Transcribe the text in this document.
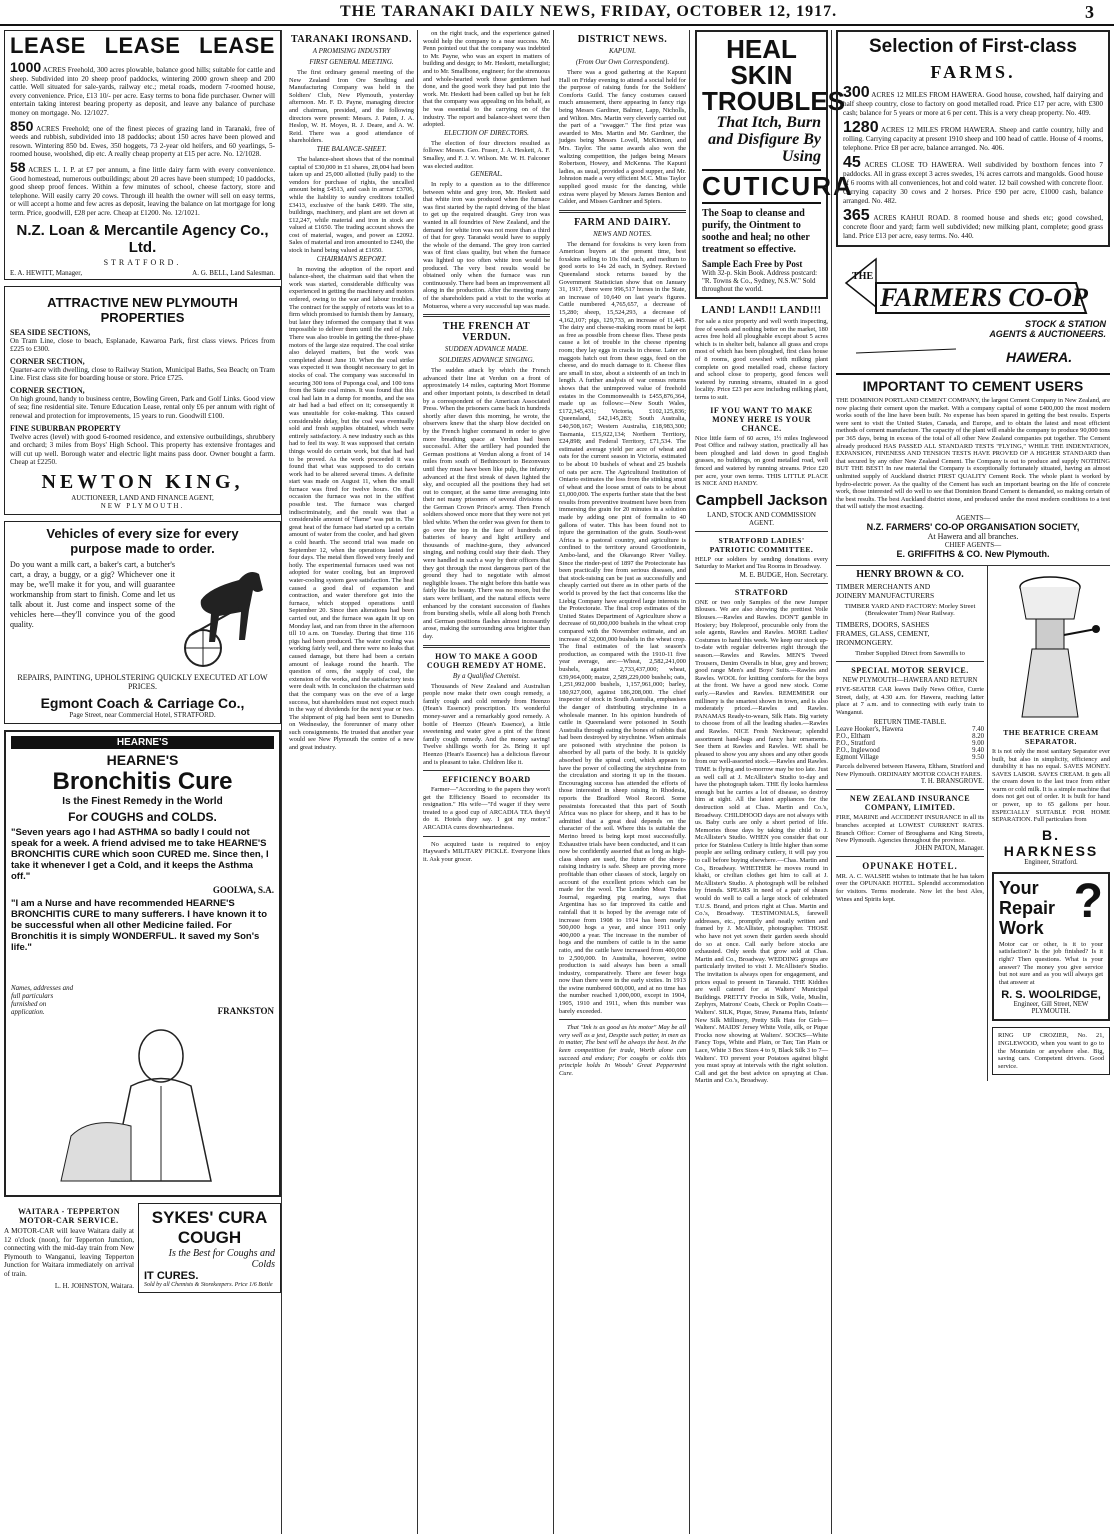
THE TARANAKI DAILY NEWS, FRIDAY, OCTOBER 12, 1917.	3
LEASE LEASE LEASE
1000 ACRES Freehold, 300 acres plowable, balance good hills; suitable for cattle and sheep. Subdivided into 20 sheep proof paddocks, wintering 2000 grown sheep and 200 cattle. Well situated for sale-yards, railway etc.; metal roads, modern 7-roomed house, every convenience. Price, £13 10/- per acre. Easy terms to bona fide purchaser. Owner will entertain taking interest bearing property as deposit, and leave any balance of purchase money on mortgage. No. 12/1027.
850 ACRES Freehold; one of the finest pieces of grazing land in Taranaki, free of weeds and rubbish, subdivided into 18 paddocks; about 150 acres have been plowed and resown. Wintering 850 bd. Ewes, 350 hoggets, 73 2-year old heifers, and 60 yearlings, 5-roomed house, woolshed, dip etc. A really cheap property at £15 per acre. No. 12/1028.
58 ACRES L. I. P. at £7 per annum, a fine little dairy farm with every convenience. Good homestead, numerous outbuildings; about 20 acres have been stumped; 10 paddocks, good sheep proof fences. Within a few minutes of school, cheese factory, store and telephone. Will easily carry 20 cows. Through ill health the owner will sell on easy terms, or will accept a home and few acres as deposit, leaving the balance on lat mortgage for long term. Price, goodwill, £28 per acre. Cheap at £1200. No. 12/1021.
N.Z. Loan & Mercantile Agency Co., Ltd.
STRATFORD.
E. A. HEWITT, Manager,	A. G. BELL, Land Salesman.
ATTRACTIVE NEW PLYMOUTH PROPERTIES
SEA SIDE SECTIONS,
On Tram Line, close to beach, Esplanade, Kawaroa Park, first class views. Prices from £225 to £300.
CORNER SECTION,
Quarter-acre with dwelling, close to Railway Station, Municipal Baths, Sea Beach; on Tram Line. First class site for boarding house or store. Price £725.
CORNER SECTION,
On high ground, handy to business centre, Bowling Green, Park and Golf Links. Good view of sea; fine residential site. Tenure Education Lease, rental only £6 per annum with right of renewal and protection for improvements, 15 years to run. Goodwill £100.
FINE SUBURBAN PROPERTY
Twelve acres (level) with good 6-roomed residence, and extensive outbuildings, shrubbery and orchard; 3 miles from Boys' High School. This property has extensive frontages and will cut up well. Borough water and electric light mains pass door. Owner bought a farm. Cheap at £2250.
NEWTON KING,
AUCTIONEER, LAND AND FINANCE AGENT,
NEW PLYMOUTH.
Vehicles of every size for every
purpose made to order.
Do you want a milk cart, a baker's cart, a butcher's cart, a dray, a buggy, or a gig? Whichever one it may be, we'll make it for you, and will guarantee workmanship from start to finish. Come and let us talk about it. Just come and inspect some of the vehicles here—they'll convince you of the good quality.
REPAIRS, PAINTING, UPHOLSTERING QUICKLY EXECUTED AT LOW PRICES.
Egmont Coach & Carriage Co.,
Page Street, near Commercial Hotel, STRATFORD.
HEARNE'S
HEARNE'S
Bronchitis Cure
Is the Finest Remedy in the World
For COUGHS and COLDS.
"Seven years ago I had ASTHMA so badly I could not speak for a week. A friend advised me to take HEARNE'S BRONCHITIS CURE which soon CURED me. Since then, I take it whenever I get a Cold, and it keeps the Asthma off."
GOOLWA, S.A.
"I am a Nurse and have recommended HEARNE'S BRONCHITIS CURE to many sufferers. I have known it to be successful when all other Medicine failed. For Bronchitis it is simply WONDERFUL. It saved my Son's life."
Names, addresses and full particulars furnished on application.	FRANKSTON
WAITARA - TEPPERTON MOTOR-CAR SERVICE.
A MOTOR-CAR will leave Waitara daily at 12 o'clock (noon), for Tepperton Junction, connecting with the mid-day train from New Plymouth to Wanganui, leaving Tepperton Junction for Waitara immediately on arrival of train.
L. H. JOHNSTON, Waitara.
SYKES' CURA COUGH
Is the Best for Coughs and Colds
IT CURES.
Sold by all Chemists & Storekeepers. Price 1/6 Bottle
TARANAKI IRONSAND.
A PROMISING INDUSTRY
FIRST GENERAL MEETING.

The first ordinary general meeting of the New Zealand Iron Ore Smelting and Manufacturing Company was held in the Soldiers' Club, New Plymouth, yesterday afternoon. Mr. F. D. Payne, managing director and chairman, presided, and the following directors were present: Messrs. J. Paten, J. A. Heslop, W. H. Moyes, R. J. Deare, and A. W. Reid. There was a good attendance of shareholders.

THE BALANCE-SHEET.

The balance-sheet shows that of the nominal capital of £30,000 in £1 shares, 28,004 had been taken up and 25,000 allotted (fully paid) to the vendors for purchase of rights, the uncalled amount being £4513, and cash in arrear £3706, while the liability to sundry creditors totalled £3413, exclusive of the bank £499. The site, buildings, machinery, and plant are set down at £12,247, while material and iron in stock are valued at £1650. The trading account shows the cost of material, wages, and power as £2092. Sales of material and iron amounted to £240, the stock in hand being valued at £1650.

CHAIRMAN'S REPORT.

In moving the adoption of the report and balance-sheet, the chairman said that when the work was started, considerable difficulty was experienced in getting the machinery and motors ordered, owing to the war and labour troubles. The contract for the supply of retorts was let to a firm which promised to furnish them by January, but later they informed the company that it was impossible to deliver them until the end of July. There was also trouble in getting the three-phase motors of the large size required. The coal strike also delayed matters, but the work was completed about June 10. When the coal strike was expected it was thought necessary to get in stocks of coal. The company was successful in securing 300 tons of Puponga coal, and 100 tons from the State coal mines. It was found that this coal had lain in a dump for months, and the sea air had had a bad effect on it; consequently it was unsuitable for coke-making. This caused considerable delay, but the coal was eventually sold and fresh supplies obtained, which were entirely satisfactory. A new industry such as this had to feel its way. It was supposed that certain things would do certain work, but that had had to be proved. As the work proceeded it was found that what was supposed to do certain work had to be altered several times. A definite start was made on August 11, when the small furnace was fired for twelve hours. On that occasion the furnace was not in the stiffest possible test. The furnace was charged indiscriminately, and the result was that a considerable amount of "flame" was put in. The great heat of the furnace had started up a certain amount of water from the cooler, and had given a cold hearth. The second trial was made on September 12, when the operations lasted for four days. The metal then flowed very freely and hotly. The experimental furnaces used was not adopted for water cooling, but an improved water-cooling system gave satisfaction. The heat caused a good deal of expansion and contraction, and water therefore got into the furnace, which stopped operations until September 20. Since then alterations had been carried out, and the furnace was again lit up on Monday last, and ran from three in the afternoon till 10 a.m. on Tuesday. During that time 116 pigs had been produced. The water cooling was working fairly well, and there were no leaks that caused damage, but there had been a certain amount of leakage round the hearth. The question of ores, the supply of coal, the extension of the works, and the satisfactory tests were dealt with. In conclusion the chairman said that the company was on the eve of a large success, but shareholders must not expect much in the way of dividends for the next year or two. The shipment of pig had been sent to Dunedin on Wednesday, the forerunner of many other such consignments. He trusted that another year would see New Plymouth the centre of a new and great industry.

on the right track, and the experience gained would help the company to a near success. Mr. Penn pointed out that the company was indebted to Mr. Payne, who was an expert in matters of building and design; to Mr. Heskett, metallurgist; and to Mr. Smallbone, engineer; for the strenuous and whole-hearted work those gentlemen had done, and the good work they had put into the work. Mr. Heskett had been called up but he felt that the company was appealing on his behalf, as he was essential to the carrying on of the industry. The report and balance-sheet were then adopted.

ELECTION OF DIRECTORS.

The election of four directors resulted as follows: Messrs. Geo. Fraser, J. A. Heskett, A. F. Smalley, and F. J. V. Wilson. Mr. W. H. Falconer was elected auditor.

GENERAL.

In reply to a question as to the difference between white and grey iron, Mr. Heskett said that white iron was produced when the furnace was first started by the rapid driving of the blast to get up the required draught. Grey iron was wanted in all foundries of New Zealand, and the demand for white iron was not more than a third of that for grey. Taranaki would have to supply the whole of the demand. The grey iron carried was of first class quality, but when the furnace was lighted up too often white iron would be produced. The very best results would be obtained only when the furnace was run continuously. There had been an improvement all along in the production. After the meeting many of the shareholders paid a visit to the works at Motueroa, where a very successful tap was made.

THE FRENCH AT VERDUN.
SUDDEN ADVANCE MADE.
SOLDIERS ADVANCE SINGING.

The sudden attack by which the French advanced their line at Verdun on a front of approximately 14 miles, capturing Mort Homme and other important points, is described in detail by a correspondent of the American Associated Press. When the prisoners came back in hundreds shortly after dawn this morning, he wrote, the observers knew that the sharp blow decided on by the French higher command in order to give more breathing space at Verdun had been successful. After the artillery had pounded the German positions at Verdun along a front of 14 miles from south of Bethincourt to Bezonvaux until they must have been like pulp, the infantry advanced at the first streak of dawn lighted the sky, and occupied all the positions they had set out to conquer, at the same time averaging into their net many prisoners of several divisions of the German Crown Prince's army. Then French soldiers showed once more that they were not yet bled white. When the order was given for them to go over the top in the face of hundreds of batteries of heavy and light artillery and thousands of machine-guns, they advanced singing, and nothing could stay their dash. They were handled in such a way by their officers that they got through the most dangerous part of the ground they had to negotiate with almost negligible losses. The night before this battle was fairly like its beauty. There was no moon, but the stars were brilliant, and the natural effects were enhanced by the constant succession of flashes from bursting shells, while all along both French and German positions flashes almost incessantly arose, making the surrounding area brighter than day.

HOW TO MAKE A GOOD COUGH REMEDY AT HOME.
By a Qualified Chemist.

Thousands of New Zealand and Australian people now make their own cough remedy, a family cough and cold remedy from Heenzo (Hean's Essence) prescription. It's wonderful money-saver and a remarkably good remedy. A bottle of Heenzo (Hean's Essence), a little sweetening and water give a pint of the finest family cough remedy. And the money saving! Twelve shillings worth for 2s. Bring it up! Heenzo (Hean's Essence) has a delicious flavour and is pleasant to take. Children like it.

EFFICIENCY BOARD

Farmer—"According to the papers they won't get the Efficiency Board to reconsider its resignation." His wife—"I'd wager if they were treated to a good cup of ARCADIA TEA they'd do it. Hotels they say. I got my motor." ARCADIA cures downheartedness.

No acquired taste is required to enjoy Hayward's MILITARY PICKLE. Everyone likes it. Ask your grocer.

DISTRICT NEWS.
KAPUNI.
(From Our Own Correspondent).

There was a good gathering at the Kapuni Hall on Friday evening to attend a social held for the purpose of raising funds for the Soldiers' Comforts Guild. The fancy costumes caused much amusement, there appearing in fancy rigs being Messrs Gardiner, Balmer, Lapp, Nicholls, and Wilton. Mrs. Martin very cleverly carried out the part of a "swagger." The first prize was awarded to Mrs. Martin and Mr. Gardiner, the judges being Messrs Lovell, McKinnon, and Mrs. Taylor. The same awards also won the waltzing competition, the judges being Messrs Robertson, Howey, and McKenna. The Kapuni ladies, as usual, provided a good supper, and Mr. Johnston made a very efficient M.C. Miss Taylor supplied good music for the dancing, while extras were played by Messrs James Benton and Calder, and Misses Gardiner and Spiers.

FARM AND DAIRY.
NEWS AND NOTES.

The demand for foxskins is very keen from American buyers at the present time, best foxskins selling to 10s 10d each, and medium to good sorts to 14s 2d each, in Sydney. Revised Queensland stock returns issued by the Government Statistician show that on January 31, 1917, there were 996,517 horses in the State, an increase of 10,640 on last year's figures. Cattle numbered 4,765,657, a decrease of 15,280; sheep, 15,524,293, a decrease of 4,162,107; pigs, 129,733, an increase of 11,445. The dairy and cheese-making room must be kept as free as possible from cheese flies. These pests cause a lot of trouble in the cheese ripening room; they lay eggs in cracks in cheese. Later on maggots hatch out from these eggs, feed on the cheese, and do much damage to it. Cheese flies are small in size, about a sixteenth of an inch in length. A further analysis of war census returns shows that the unimproved value of freehold estates in the Commonwealth is £455,876,364, made up as follows:—New South Wales, £172,345,431; Victoria, £102,125,836; Queensland, £42,145,283; South Australia, £40,508,167; Western Australia, £18,983,300; Tasmania, £15,922,134; Northern Territory, £24,898; and Federal Territory, £71,534. The estimated average yield per acre of wheat and oats for the current season in Victoria, estimated to be about 10 bushels of wheat and 25 bushels of oats per acre. The Agricultural Institution of Ontario estimates the loss from the stinking smut of wheat and the loose smut of oats to be about £1,000,000. The experts further state that the best results from preventive treatment have been from immersing the grain for 20 minutes in a solution made by adding one pint of formalin to 40 gallons of water. This has been found not to injure the germination of the grain. South-west Africa is a pastoral country, and agriculture is confined to the territory around Grootfontein, Ambo-land, and the Okavango River Valley. Since the rinder-pest of 1897 the Protectorate has been practically free from serious diseases, and that stock-raising can be just as successfully and cheaply carried out there as in other parts of the world is proved by the fact that concerns like the Liebig Company have acquired large interests in the Protectorate. The final crop estimates of the United States Department of Agriculture show a decrease of 60,000,000 bushels in the wheat crop compared with the November estimate, and an increase of 32,000,000 bushels in the wheat crop. The final estimates of the last season's production, as compared with the 1910-11 five year average, are:—Wheat, 2,582,241,000 bushels, against 2,733,437,000; wheat, 639,964,000; maize, 2,589,229,000 bushels; oats, 1,251,992,000 bushels, 1,157,961,000; barley, 180,927,000, against 186,208,000. The chief inspector of stock in South Australia, emphasises the danger of distributing strychnine in a wholesale manner. In his opinion hundreds of cattle in Queensland were poisoned in South Australia through eating the bones of rabbits that had been destroyed by strychnine. When animals are poisoned with strychnine the poison is absorbed by all parts of the body. It is quickly absorbed by the spinal cord, which appears to have the power of collecting the strychnine from the circulation and storing it up in the tissues. Encouraging success has attended the efforts of those interested in sheep raising in Rhodesia, reports the Bradford Wool Record. Some pessimists forecasted that this part of South Africa was no place for sheep, and it has to be admitted that a great deal depends on the character of the soil. Where this is suitable the Merino breed is being kept most successfully. Exhaustive trials have been conducted, and it can now be confidently asserted that as long as high-class sheep are used, the future of the sheep-raising industry is safe. Sheep are proving more profitable than other classes of stock, largely on account of the excellent prices which can be made for the wool. The London Meat Trades Journal, regarding pig rearing, says that Argentina has so far improved its cattle and rainfall that it is hoped by the average rate of increase from 1908 to 1914 has been nearly 500,000 hogs a year, and since 1911 only 400,000 a year. The increase in the number of hogs and the numbers of cattle is in the same ratio, and the cattle have increased from 400,000 to 2,500,000. In Australia, however, swine production is said always has been a small industry, comparatively. There are fewer hogs now than there were in the early sixties. In 1913 the swine numbered 600,000, and at no time has the number reached 1,000,000, except in 1904, 1905, 1910 and 1911, when this number was barely exceeded.

That "Ink is as good as his motor" May be all very well as a jest, Despite such patter, in men as in matter, The best will be always the best. In the keen competition for trade, Worth alone can succeed and endure; For coughs or colds this principle holds In Woods' Great Peppermint Cure.

HEAL SKIN
TROUBLES
That Itch, Burn and Disfigure By Using
CUTICURA
The Soap to cleanse and purify, the Ointment to soothe and heal; no other treatment so effective.
Sample Each Free by Post
With 32-p. Skin Book. Address postcard: "R. Towns & Co., Sydney, N.S.W." Sold throughout the world.
LAND! LAND!! LAND!!!

For sale a nice property and well worth inspecting, free of weeds and nothing better on the market, 180 acres free hold all ploughable except about 5 acres which is in shelter belt, balance all grass and crops most of which has been ploughed, first class house of 8 rooms, good cowshed with milking plant complete on good metalled road, cheese factory and school close to property, good fences well watered by running streams, situated in a good locality. Price £23 per acre including milking plant, terms to suit.

IF YOU WANT TO MAKE MONEY HERE IS YOUR CHANCE.

Nice little farm of 60 acres, 1½ miles Inglewood Post Office and railway station, practically all has been ploughed and laid down in good English grasses, no buildings, on good metalled road, well fenced and watered by running streams. Price £20 per acre, your own terms. THIS LITTLE PLACE IS NICE AND HANDY.

Campbell Jackson
LAND, STOCK AND COMMISSION AGENT.
STRATFORD LADIES' PATRIOTIC COMMITTEE.

HELP our soldiers by sending donations every Saturday to Market and Tea Rooms in Broadway.

M. E. BUDGE, Hon. Secretary.
STRATFORD

ONE or two only Samples of the new Jumper Blouses. We are also showing the prettiest Voile Blouses.—Rawles and Rawles. DON'T gamble in Hosiery; buy Holeproof, procurable only from the sole agents, Rawles and Rawles. MORE Ladies' Costumes to hand this week. We keep our stock up-to-date with regular deliveries right through the season.—Rawles and Rawles. MEN'S Tweed Trousers, Denim Overalls in blue, grey and brown; good range Men's and Boys' Suits.—Rawles and Rawles. WOOL for knitting comforts for the boys at the front. We have a good new stock. Come early.—Rawles and Rawles. REMEMBER our millinery is the smartest shown in town, and is also moderately priced.—Rawles and Rawles. PANAMAS Ready-to-wears, Silk Hats. Big variety to choose from of all the leading shades.—Rawles and Rawles. NICE Fresh Necktwear; splendid assortment hand-bags and fancy hair ornaments. See them at Rawles and Rawles. WE shall be pleased to show you any shoes and any other goods from our well-assorted stock.—Rawles and Rawles. TIME is flying and to-morrow may be too late. Just as well call at J. McAllister's Studio to-day and have the photograph taken. THE fly looks harmless enough but he carries a lot of disease, so destroy him at sight. All the latest appliances for the destruction sold at Chas. Martin and Co.'s, Broadway. CHILDHOOD days are not always with us. Baby curls are only a short period of life. Memories those days by taking the child to J. McAllister's Studio. WHEN you consider that our price for Stainless Cutlery is little higher than some people are selling ordinary cutlery, it will pay you to call before buying elsewhere.—Chas. Martin and Co., Broadway. WHETHER he moves round in khaki, or civilian clothes get him to call at J. McAllister's Studio. A photograph will be relished by friends. SPEARS in need of a pair of shears would do well to call a large stock of celebrated T.U.S. Brand, and prices right at Chas. Martin and Co.'s, Broadway. TESTIMONIALS, farewell addresses, etc., promptly and neatly written and framed by J. McAllister, photographer. THOSE who have not yet sown their garden seeds should do so at once. Call early before stocks are exhausted. Only seeds that grow sold at Chas. Martin and Co., Broadway. WEDDING groups are particularly invited to visit J. McAllister's Studio. The invitation is always open for engagement, and prices equal to present in Taranaki. THE Kiddies are well catered for at Walters' Municipal Buildings. PRETTY Frocks in Silk, Voile, Muslin, Zephyrs, Matrons' Coats, Check or Poplin Coats—Walters'. SILK, Pique, Straw, Panama Hats, Infants' New Silk Millinery, Pretty Silk Hats for Girls—Walters'. MAIDS' Jersey White Voile, silk, or Pique Frocks now showing at Walters'. SOCKS—White Fancy Tops, White and Plain, or Tan; Tan Plain or Lace, White 3 Box Sizes 4 to 9, Black Silk 3 to 7—Walters'. TO prevent your Potatoes against blight you must spray at intervals with the right solution. Call and get the best advice on spraying at Chas. Martin and Co.'s, Broadway.

Selection of First-class
FARMS.
300 ACRES 12 MILES FROM HAWERA. Good house, cowshed, half dairying and half sheep country, close to factory on good metalled road. Price £17 per acre, with £300 cash; balance for 5 years or more at 6 per cent. This is a very cheap property. No. 409.
1280 ACRES 12 MILES FROM HAWERA. Sheep and cattle country, hilly and rolling. Carrying capacity at present 1910 sheep and 100 head of cattle. House of 4 rooms, telephone. Price £8 per acre, balance arranged. No. 406.
45 ACRES CLOSE TO HAWERA. Well subdivided by boxthorn fences into 7 paddocks. All in grass except 3 acres swedes, 1¾ acres carrots and mangolds. Good house of 6 rooms with all conveniences, hot and cold water. 12 bail cowshed with concrete floor. Carrying capacity 30 cows and 2 horses. Price £90 per acre, £1000 cash, balance arranged. No. 482.
365 ACRES KAHUI ROAD. 8 roomed house and sheds etc; good cowshed, concrete floor and yard; farm well subdivided; new milking plant, complete; good grass land. Price £13 per acre, easy terms. No. 440.
THE
FARMERS CO-OP
STOCK & STATION AGENTS & AUCTIONEERS.
HAWERA.
IMPORTANT TO CEMENT USERS

THE DOMINION PORTLAND CEMENT COMPANY, the largest Cement Company in New Zealand, are now placing their cement upon the market. With a company capital of some £400,000 the most modern works south of the line have been built. No expense has been spared in getting the best results. Experts were sent to visit the United States, Canada, and Europe, and to obtain the latest and most efficient methods of cement manufacture. The capacity of the plant will enable the company to produce 90,000 tons per 365 days, being in excess of the total of all other New Zealand companies put together. The Cement already produced HAS PASSED ALL STANDARD TESTS "FLYING," WHILE THE INDENTATION, EXPANSION, FINENESS AND TENSION TESTS HAVE PROVED OF A HIGHER STANDARD than that secured by any other New Zealand Cement. The Company is out to produce and supply NOTHING BUT THE BEST! In raw material the Company is exceptionally fortunately situated, having an almost unlimited supply of Auckland district FIRST QUALITY Cement Rock. The whole plant is worked by hydro-electric power. As the quality of the Cement has such an important bearing on the life of concrete work, those interested will do well to see that Dominion Brand Cement is demanded, so making certain of the best results. The best Auckland district stone, and produced under the most modern conditions to a test that will satisfy the most exacting.

AGENTS—
N.Z. FARMERS' CO-OP ORGANISATION SOCIETY,
At Hawera and all branches.
CHIEF AGENTS—
E. GRIFFITHS & CO. New Plymouth.
HENRY BROWN & CO.
TIMBER MERCHANTS AND
JOINERY MANUFACTURERS
TIMBER YARD AND FACTORY: Morley Street (Breakwater Tram) Near Railway.
TIMBERS, DOORS, SASHES
FRAMES, GLASS, CEMENT,
IRONMONGERY.
Timber Supplied Direct from Sawmills to
SPECIAL MOTOR SERVICE.
NEW PLYMOUTH—HAWERA AND RETURN

FIVE-SEATER CAR leaves Daily News Office, Currie Street, daily, at 4.30 a.m. for Hawera, reaching latter place at 7 a.m. and to connecting with early train to Wanganui.

RETURN TIME-TABLE.
Leave Hooker's, Hawera	7.40
P.O., Eltham	8.20
P.O., Stratford	9.00
P.O., Inglewood	9.40
Egmont Village	9.50

Parcels delivered between Hawera, Eltham, Stratford and New Plymouth. ORDINARY MOTOR COACH FARES.

T. H. BRANSGROVE.
NEW ZEALAND INSURANCE COMPANY, LIMITED.

FIRE, MARINE and ACCIDENT INSURANCE in all its branches accepted at LOWEST CURRENT RATES. Branch Office: Corner of Broughams and King Streets, New Plymouth. Agencies throughout the province.

JOHN PATON, Manager.
OPUNAKE HOTEL.

MR. A. C. WALSHE wishes to intimate that he has taken over the OPUNAKE HOTEL. Splendid accommodation for visitors. Terms moderate. Now let the best Ales, Wines and Spirits kept.

THE BEATRICE CREAM SEPARATOR.

It is not only the most sanitary Separator ever built, but also in simplicity, efficiency and durability it has no equal. SAVES MONEY. SAVES LABOR. SAVES CREAM. It gets all the cream down to the last trace from either warm or cold milk. It is a simple machine that does not get out of order. It is built for hand or power, up to 65 gallons per hour. ESPECIALLY SUITABLE FOR HOME SEPARATION. Full particulars from

B. HARKNESS
Engineer, Stratford.
Your Repair Work ?

Motor car or other, is it to your satisfaction? Is the job finished? Is it right? Then questions. What is your answer? The money you give service but not sure and as you will always get that answer at

R. S. WOOLRIDGE,
Engineer, Gill Street, NEW PLYMOUTH.

RING UP CROZIER, No. 21, INGLEWOOD, when you want to go to the Mountain or anywhere else. Big, saving cars. Competent drivers. Good service.
